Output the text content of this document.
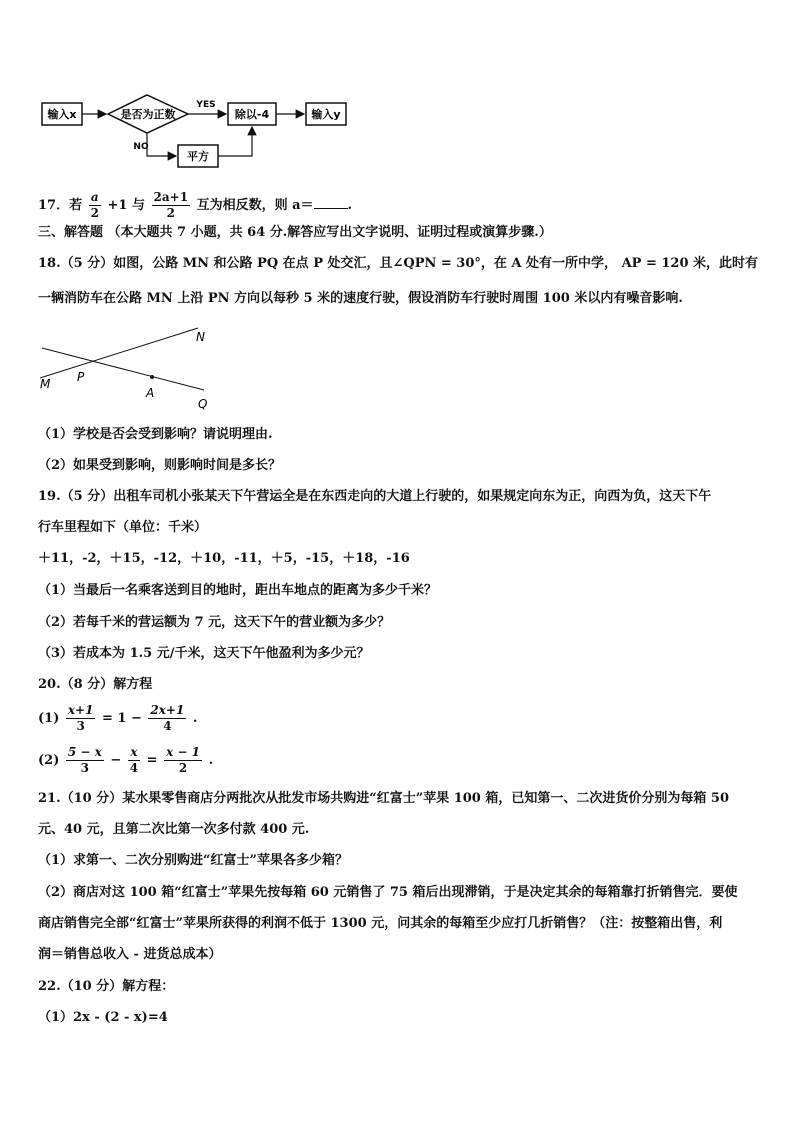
输入x	是否为正数
YES
除以-4	输入y
NO
平方
17．若 $\frac{a}{2} +1$ 与 $\frac{2a+1}{2}$ 互为相反数，则 a＝	.
三、解答题 （本大题共 7 小题，共 64 分.解答应写出文字说明、证明过程或演算步骤.）
18.（5 分）如图，公路 MN 和公路 PQ 在点 P 处交汇，且∠QPN = 30°，在 A 处有一所中学， AP = 120 米，此时有
一辆消防车在公路 MN 上沿 PN 方向以每秒 5 米的速度行驶，假设消防车行驶时周围 100 米以内有噪音影响.
N
M P
A
Q
（1）学校是否会受到影响？请说明理由.
（2）如果受到影响，则影响时间是多长？
19.（5 分）出租车司机小张某天下午营运全是在东西走向的大道上行驶的，如果规定向东为正，向西为负，这天下午
行车里程如下（单位：千米）
＋11，-2，＋15，-12，＋10，-11，＋5，-15，＋18，-16
（1）当最后一名乘客送到目的地时，距出车地点的距离为多少千米？
（2）若每千米的营运额为 7 元，这天下午的营业额为多少？
（3）若成本为 1.5 元/千米，这天下午他盈利为多少元？
20.（8 分）解方程
$(1) \frac{x+1}{3} = 1 - \frac{2x+1}{4}$ .
$(2) \frac{5 - x}{3} - \frac{x}{4} = \frac{x - 1}{2}$ .
21.（10 分）某水果零售商店分两批次从批发市场共购进“红富士”苹果 100 箱，已知第一、二次进货价分别为每箱 50
元、40 元，且第二次比第一次多付款 400 元.
（1）求第一、二次分别购进“红富士”苹果各多少箱？
（2）商店对这 100 箱“红富士”苹果先按每箱 60 元销售了 75 箱后出现滞销，于是决定其余的每箱靠打折销售完．要使
商店销售完全部“红富士”苹果所获得的利润不低于 1300 元，问其余的每箱至少应打几折销售？（注：按整箱出售，利
润＝销售总收入 - 进货总成本）
22.（10 分）解方程：
（1）2x - (2 - x)=4
